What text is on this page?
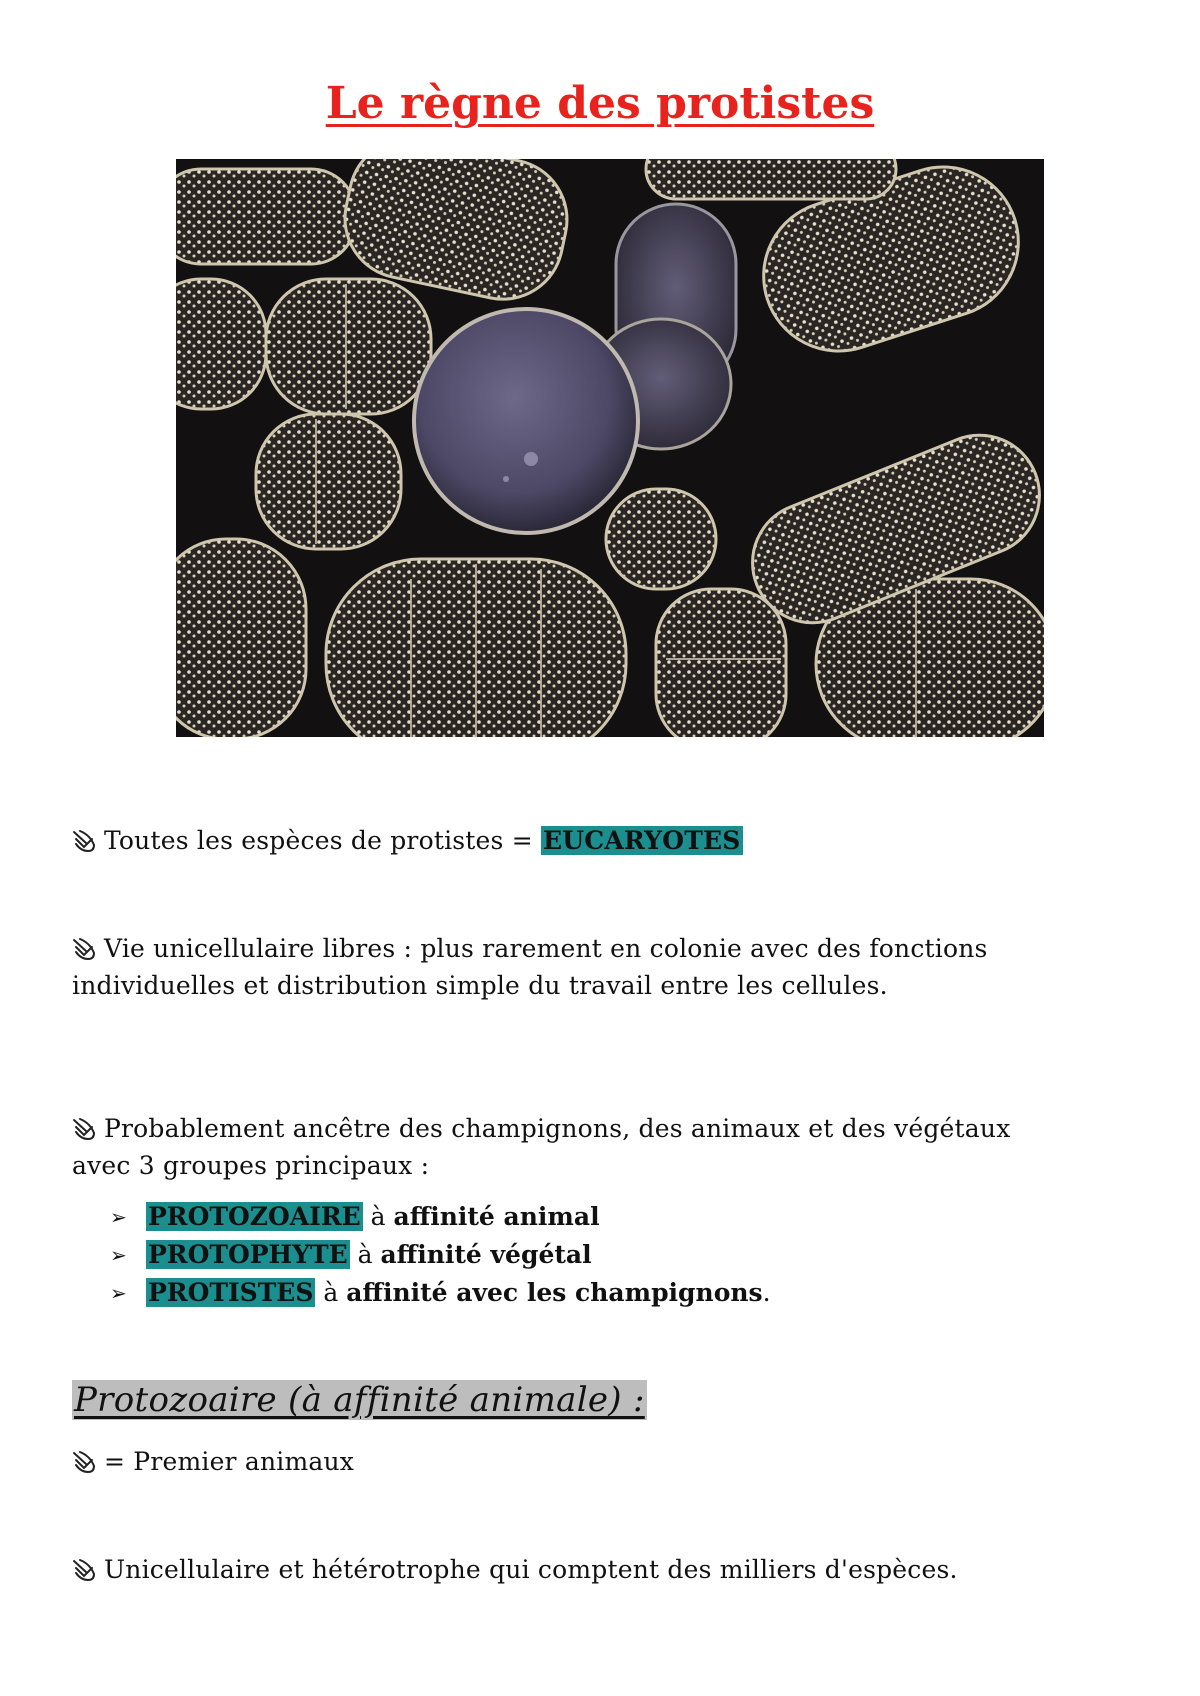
Le règne des protistes

Toutes les espèces de protistes = EUCARYOTES

Vie unicellulaire libres : plus rarement en colonie avec des fonctions individuelles et distribution simple du travail entre les cellules.

Probablement ancêtre des champignons, des animaux et des végétaux avec 3 groupes principaux :

➢ PROTOZOAIRE à affinité animal
➢ PROTOPHYTE à affinité végétal
➢ PROTISTES à affinité avec les champignons.
Protozoaire (à affinité animale) :

= Premier animaux

Unicellulaire et hétérotrophe qui comptent des milliers d'espèces.
